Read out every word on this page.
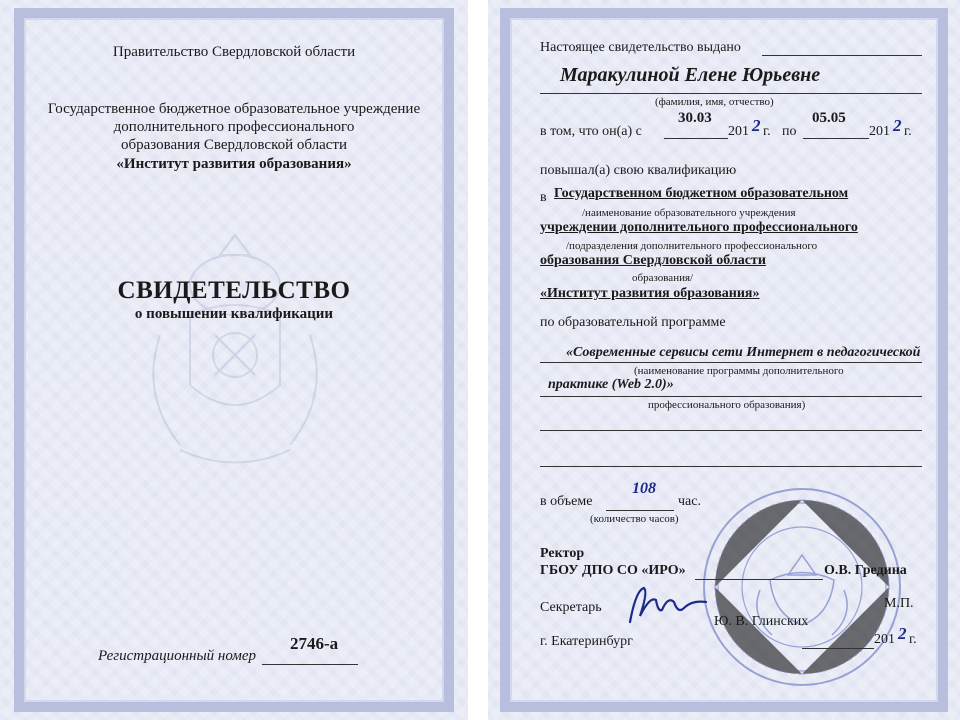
Правительство Свердловской области

Государственное бюджетное образовательное учреждение

дополнительного профессионального

образования Свердловской области

«Институт развития образования»

СВИДЕТЕЛЬСТВО

о повышении квалификации

Регистрационный номер

2746-а

Настоящее свидетельство выдано

Маракулиной Елене Юрьевне

(фамилия, имя, отчество)

в том, что он(а) с

30.03

201 2 г. по

05.05

201 2 г.

повышал(а) свою квалификацию

в Государственном бюджетном образовательном

/наименование образовательного учреждения

учреждении дополнительного профессионального

/подразделения дополнительного профессионального

образования Свердловской области

образования/

«Институт развития образования»

по образовательной программе

«Современные сервисы сети Интернет в педагогической

(наименование программы дополнительного

практике (Web 2.0)»

профессионального образования)

в объеме

108

час.

(количество часов)

Ректор

ГБОУ ДПО СО «ИРО»	О.В. Гредина

Секретарь

Ю. В. Глинских

М.П.

г. Екатеринбург	201 2 г.
